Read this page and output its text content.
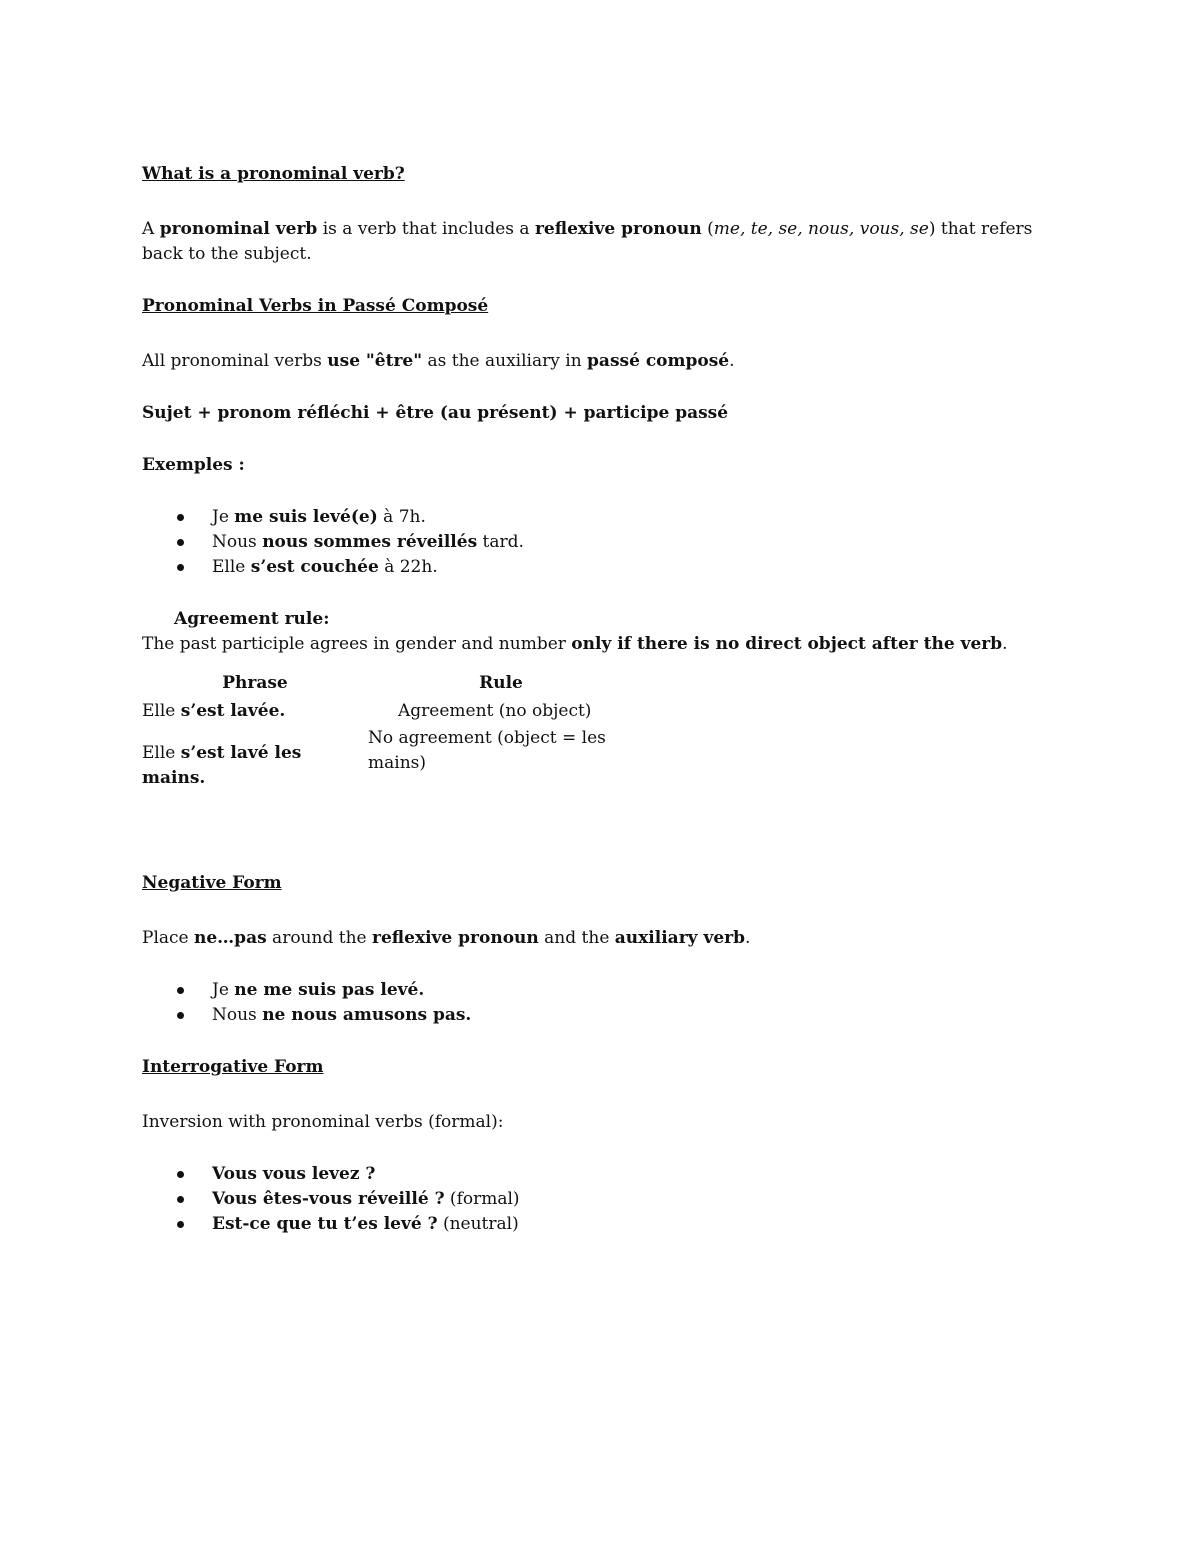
What is a pronominal verb?

A pronominal verb is a verb that includes a reflexive pronoun (me, te, se, nous, vous, se) that refers
back to the subject.

Pronominal Verbs in Passé Composé

All pronominal verbs use "être" as the auxiliary in passé composé.

Sujet + pronom réfléchi + être (au présent) + participe passé

Exemples :

Je me suis levé(e) à 7h.
Nous nous sommes réveillés tard.
Elle s’est couchée à 22h.

Agreement rule:

The past participle agrees in gender and number only if there is no direct object after the verb.

Phrase	Rule
Elle s’est lavée.	Agreement (no object)
Elle s’est lavé les mains.	No agreement (object = les mains)

Negative Form

Place ne…pas around the reflexive pronoun and the auxiliary verb.

Je ne me suis pas levé.
Nous ne nous amusons pas.

Interrogative Form

Inversion with pronominal verbs (formal):

Vous vous levez ?
Vous êtes-vous réveillé ? (formal)
Est-ce que tu t’es levé ? (neutral)
